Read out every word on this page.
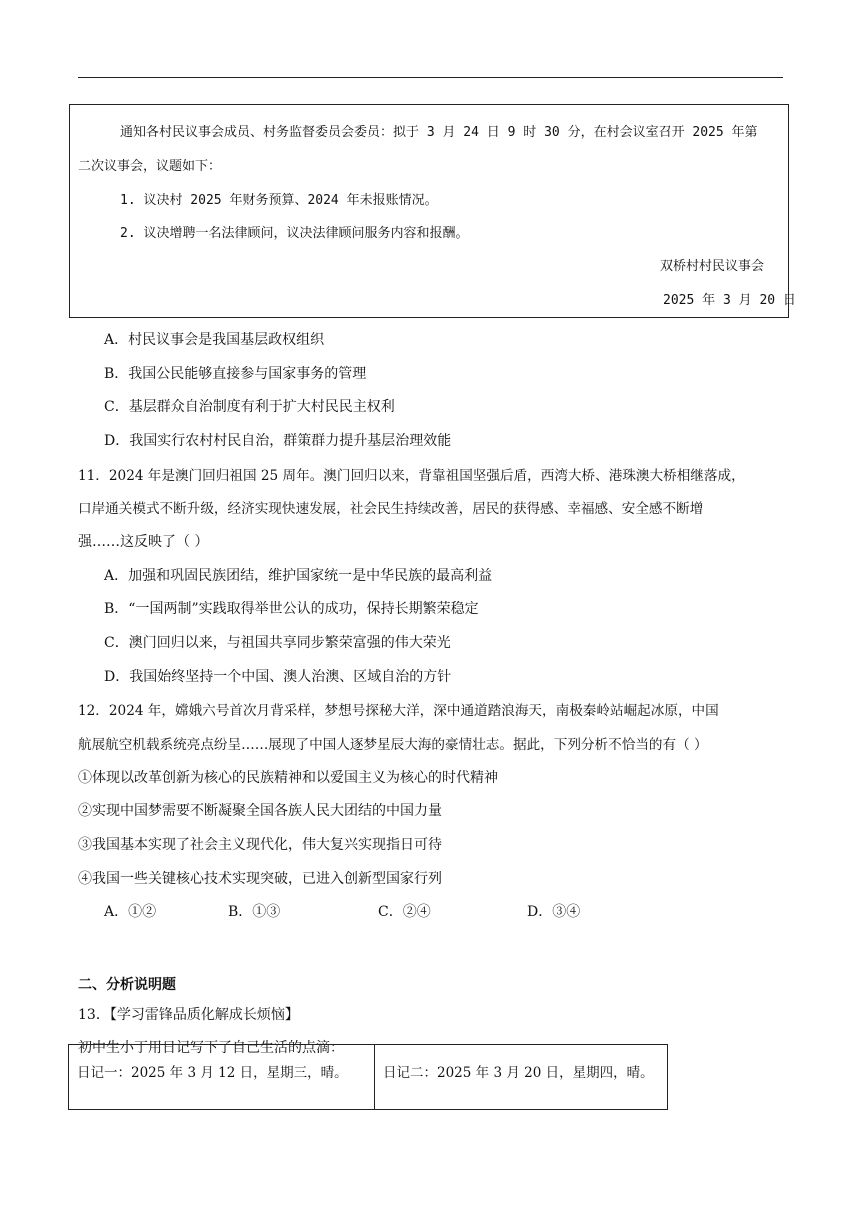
通知各村民议事会成员、村务监督委员会委员：拟于 3 月 24 日 9 时 30 分，在村会议室召开 2025 年第
二次议事会，议题如下：
1. 议决村 2025 年财务预算、2024 年未报账情况。
2. 议决增聘一名法律顾问，议决法律顾问服务内容和报酬。
双桥村村民议事会
2025 年 3 月 20 日
A．村民议事会是我国基层政权组织
B．我国公民能够直接参与国家事务的管理
C．基层群众自治制度有利于扩大村民民主权利
D．我国实行农村村民自治，群策群力提升基层治理效能
11．2024 年是澳门回归祖国 25 周年。澳门回归以来，背靠祖国坚强后盾，西湾大桥、港珠澳大桥相继落成，
口岸通关模式不断升级，经济实现快速发展，社会民生持续改善，居民的获得感、幸福感、安全感不断增
强……这反映了（ ）
A．加强和巩固民族团结，维护国家统一是中华民族的最高利益
B．“一国两制”实践取得举世公认的成功，保持长期繁荣稳定
C．澳门回归以来，与祖国共享同步繁荣富强的伟大荣光
D．我国始终坚持一个中国、澳人治澳、区域自治的方针
12．2024 年，嫦娥六号首次月背采样，梦想号探秘大洋，深中通道踏浪海天，南极秦岭站崛起冰原，中国
航展航空机载系统亮点纷呈……展现了中国人逐梦星辰大海的豪情壮志。据此，下列分析不恰当的有（ ）
①体现以改革创新为核心的民族精神和以爱国主义为核心的时代精神
②实现中国梦需要不断凝聚全国各族人民大团结的中国力量
③我国基本实现了社会主义现代化，伟大复兴实现指日可待
④我国一些关键核心技术实现突破，已进入创新型国家行列
A．①②	B．①③	C．②④	D．③④
二、分析说明题
13．【学习雷锋品质化解成长烦恼】
初中生小丁用日记写下了自己生活的点滴：
日记一：2025 年 3 月 12 日，星期三，晴。	日记二：2025 年 3 月 20 日，星期四，晴。
